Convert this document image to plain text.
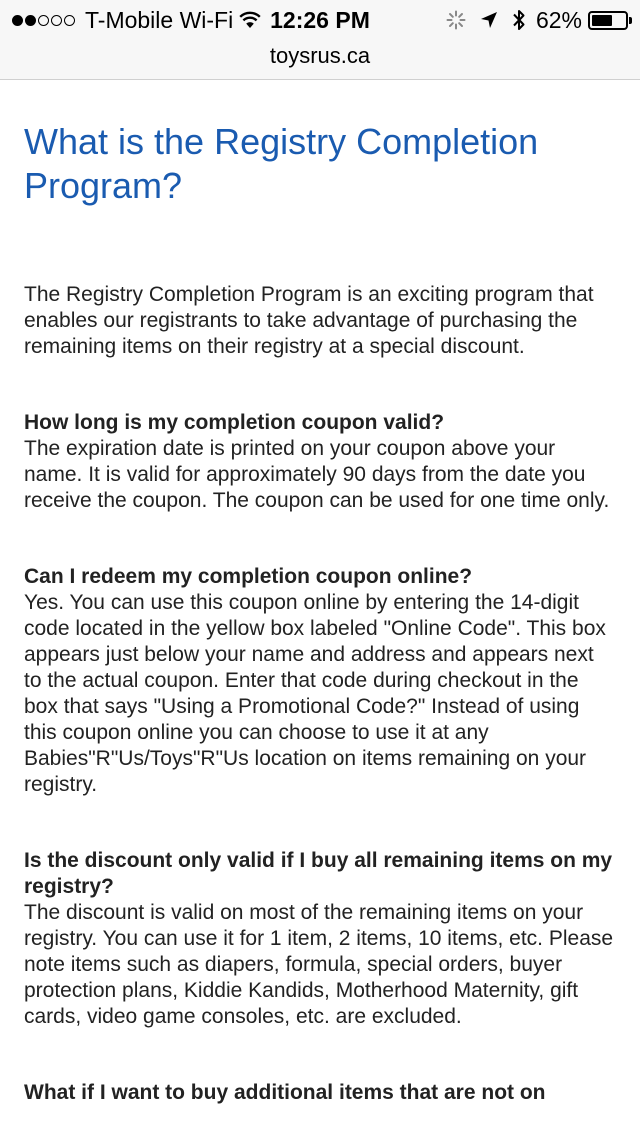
T-Mobile Wi-Fi	12:26 PM	62%
toysrus.ca
What is the Registry Completion Program?

The Registry Completion Program is an exciting program that enables our registrants to take advantage of purchasing the remaining items on their registry at a special discount.

How long is my completion coupon valid?
The expiration date is printed on your coupon above your name. It is valid for approximately 90 days from the date you receive the coupon. The coupon can be used for one time only.
Can I redeem my completion coupon online?
Yes. You can use this coupon online by entering the 14-digit code located in the yellow box labeled "Online Code". This box appears just below your name and address and appears next to the actual coupon. Enter that code during checkout in the box that says "Using a Promotional Code?" Instead of using this coupon online you can choose to use it at any Babies"R"Us/Toys"R"Us location on items remaining on your registry.
Is the discount only valid if I buy all remaining items on my registry?
The discount is valid on most of the remaining items on your registry. You can use it for 1 item, 2 items, 10 items, etc. Please note items such as diapers, formula, special orders, buyer protection plans, Kiddie Kandids, Motherhood Maternity, gift cards, video game consoles, etc. are excluded.
What if I want to buy additional items that are not on
